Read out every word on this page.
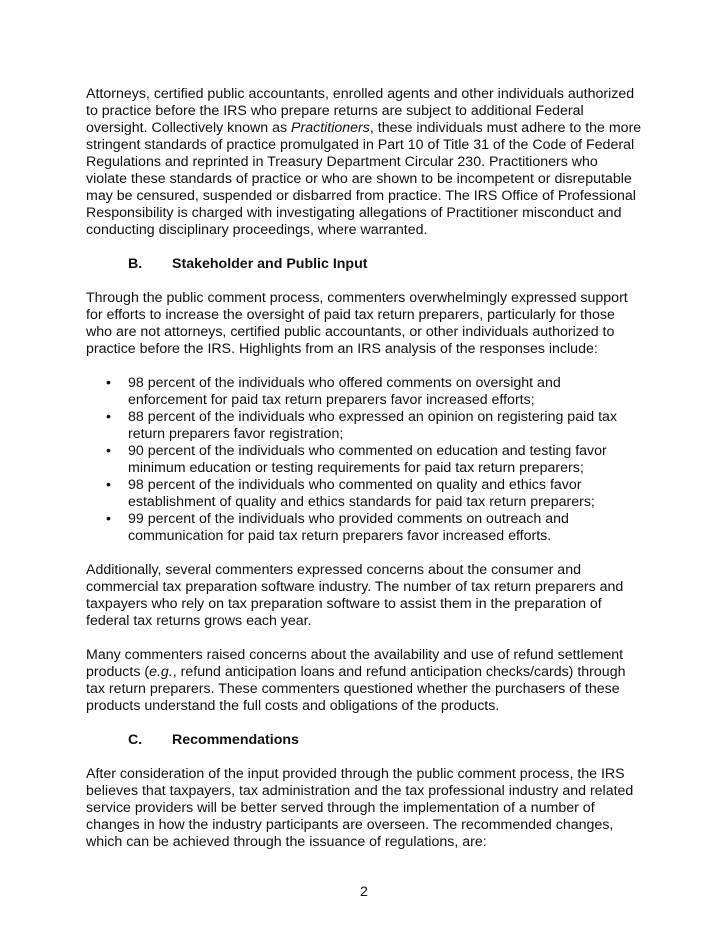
Attorneys, certified public accountants, enrolled agents and other individuals authorized to practice before the IRS who prepare returns are subject to additional Federal oversight. Collectively known as Practitioners, these individuals must adhere to the more stringent standards of practice promulgated in Part 10 of Title 31 of the Code of Federal Regulations and reprinted in Treasury Department Circular 230. Practitioners who violate these standards of practice or who are shown to be incompetent or disreputable may be censured, suspended or disbarred from practice. The IRS Office of Professional Responsibility is charged with investigating allegations of Practitioner misconduct and conducting disciplinary proceedings, where warranted.

B.	Stakeholder and Public Input

Through the public comment process, commenters overwhelmingly expressed support for efforts to increase the oversight of paid tax return preparers, particularly for those who are not attorneys, certified public accountants, or other individuals authorized to practice before the IRS. Highlights from an IRS analysis of the responses include:

• 98 percent of the individuals who offered comments on oversight and enforcement for paid tax return preparers favor increased efforts;
• 88 percent of the individuals who expressed an opinion on registering paid tax return preparers favor registration;
• 90 percent of the individuals who commented on education and testing favor minimum education or testing requirements for paid tax return preparers;
• 98 percent of the individuals who commented on quality and ethics favor establishment of quality and ethics standards for paid tax return preparers;
• 99 percent of the individuals who provided comments on outreach and communication for paid tax return preparers favor increased efforts.

Additionally, several commenters expressed concerns about the consumer and commercial tax preparation software industry. The number of tax return preparers and taxpayers who rely on tax preparation software to assist them in the preparation of federal tax returns grows each year.

Many commenters raised concerns about the availability and use of refund settlement products (e.g., refund anticipation loans and refund anticipation checks/cards) through tax return preparers. These commenters questioned whether the purchasers of these products understand the full costs and obligations of the products.

C.	Recommendations

After consideration of the input provided through the public comment process, the IRS believes that taxpayers, tax administration and the tax professional industry and related service providers will be better served through the implementation of a number of changes in how the industry participants are overseen. The recommended changes, which can be achieved through the issuance of regulations, are:

2
